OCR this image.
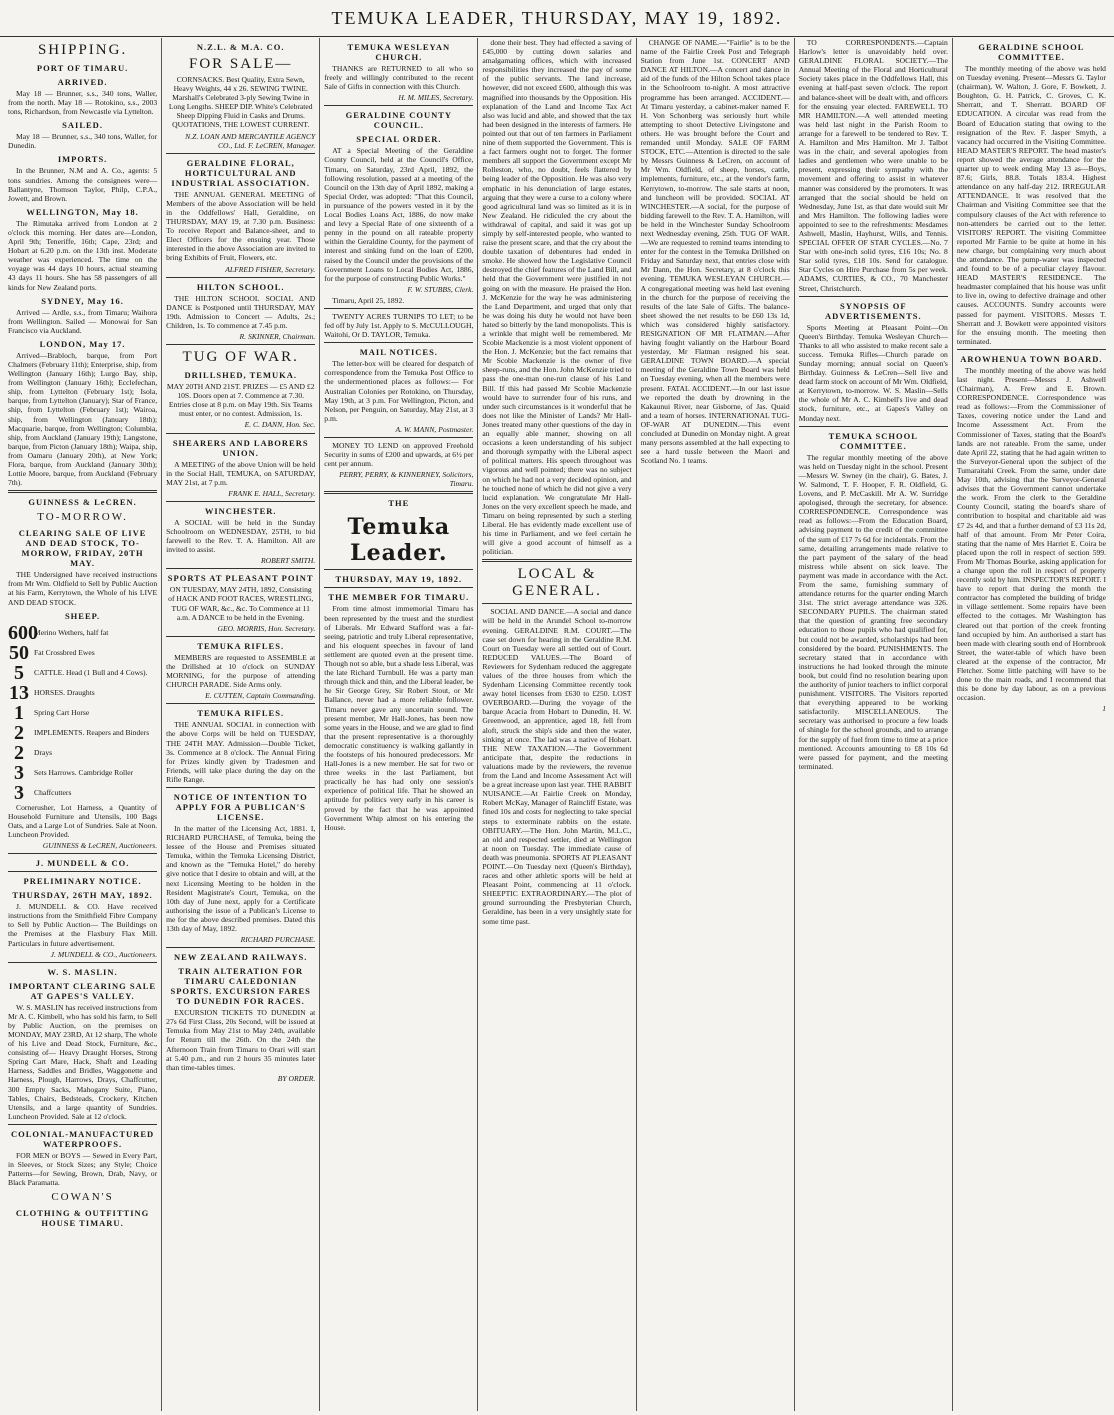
TEMUKA LEADER, THURSDAY, MAY 19, 1892.
SHIPPING.
PORT OF TIMARU.
ARRIVED.

May 18 — Brunner, s.s., 340 tons, Waller, from the north. May 18 — Rotokino, s.s., 2003 tons, Richardson, from Newcastle via Lyttelton.

SAILED.

May 18 — Brunner, s.s., 340 tons, Waller, for Dunedin.

IMPORTS.

In the Brunner, N.M and A. Co., agents: 5 tons sundries. Among the consignees were—Ballantyne, Thomson Taylor, Philp, C.P.A., Jowett, and Brown.

WELLINGTON, May 18.

The Rimutaka arrived from London at 2 o'clock this morning. Her dates are—London, April 9th; Teneriffe, 16th; Cape, 23rd; and Hobart at 6.20 p.m. on the 13th inst. Moderate weather was experienced. The time on the voyage was 44 days 10 hours, actual steaming 43 days 11 hours. She has 58 passengers of all kinds for New Zealand ports.

SYDNEY, May 16.

Arrived — Ardle, s.s., from Timaru; Waihora from Wellington. Sailed — Monowai for San Francisco via Auckland.

LONDON, May 17.

Arrived—Brabloch, barque, from Port Chalmers (February 11th); Enterprise, ship, from Wellington (January 16th); Lurgo Bay, ship, from Wellington (January 16th); Ecclefechan, ship, from Lyttelton (February 1st); Isola, barque, from Lyttelton (January); Star of France, ship, from Lyttelton (February 1st); Wairoa, ship, from Wellington (January 18th); Macquarie, barque, from Wellington; Columbia, ship, from Auckland (January 19th); Langstone, barque, from Picton (January 18th); Waipa, ship, from Oamaru (January 20th), at New York; Flora, barque, from Auckland (January 30th); Lottie Moore, barque, from Auckland (February 7th).

GUINNESS & LeCREN.
TO-MORROW.
CLEARING SALE OF LIVE AND DEAD STOCK, TO-MORROW, FRIDAY, 20TH MAY.

THE Undersigned have received instructions from Mr Wm. Oldfield to Sell by Public Auction at his Farm, Kerrytown, the Whole of his LIVE AND DEAD STOCK.

SHEEP.
600
Merino Wethers, half fat
50 Fat Crossbred Ewes
5	CATTLE. Head (1 Bull and 4 Cows).
13 HORSES. Draughts
1	Spring Cart Horse
2	IMPLEMENTS. Reapers and Binders
2	Drays
3	Sets Harrows. Cambridge Roller
3	Chaffcutters

Cornerusher, Lot Harness, a Quantity of Household Furniture and Utensils, 100 Bags Oats, and a Large Lot of Sundries. Sale at Noon. Luncheon Provided.

GUINNESS & LeCREN, Auctioneers.

J. MUNDELL & CO.
PRELIMINARY NOTICE.
THURSDAY, 26TH MAY, 1892.

J. MUNDELL & CO. Have received instructions from the Smithfield Fibre Company to Sell by Public Auction— The Buildings on the Premises at the Flaxbury Flax Mill. Particulars in future advertisement.

J. MUNDELL & CO., Auctioneers.

W. S. MASLIN.
IMPORTANT CLEARING SALE AT GAPES'S VALLEY.

W. S. MASLIN has received instructions from Mr A. C. Kimbell, who has sold his farm, to Sell by Public Auction, on the premises on MONDAY, MAY 23RD, At 12 sharp, The whole of his Live and Dead Stock, Furniture, &c., consisting of— Heavy Draught Horses, Strong Spring Cart Mare, Hack, Shaft and Leading Harness, Saddles and Bridles, Waggonette and Harness, Plough, Harrows, Drays, Chaffcutter, 300 Empty Sacks, Mahogany Suite, Piano, Tables, Chairs, Bedsteads, Crockery, Kitchen Utensils, and a large quantity of Sundries. Luncheon Provided. Sale at 12 o'clock.

COLONIAL-MANUFACTURED WATERPROOFS.

FOR MEN or BOYS — Sewed in Every Part, in Sleeves, or Stock Sizes; any Style; Choice Patterns—for Sewing, Brown, Drab, Navy, or Black Paramatta.

COWAN'S
CLOTHING & OUTFITTING HOUSE TIMARU.
N.Z.L. & M.A. CO.
FOR SALE—

CORNSACKS. Best Quality, Extra Sewn, Heavy Weights, 44 x 26. SEWING TWINE. Marshall's Celebrated 3-ply Sewing Twine in Long Lengths. SHEEP DIP. White's Celebrated Sheep Dipping Fluid in Casks and Drums. QUOTATIONS, THE LOWEST CURRENT.

N.Z. LOAN AND MERCANTILE AGENCY CO., Ltd. F. LeCREN, Manager.

GERALDINE FLORAL, HORTICULTURAL AND INDUSTRIAL ASSOCIATION.

THE ANNUAL GENERAL MEETING of Members of the above Association will be held in the Oddfellows' Hall, Geraldine, on THURSDAY, MAY 19, at 7.30 p.m. Business: To receive Report and Balance-sheet, and to Elect Officers for the ensuing year. Those interested in the above Association are invited to bring Exhibits of Fruit, Flowers, etc.

ALFRED FISHER, Secretary.

HILTON SCHOOL.

THE HILTON SCHOOL SOCIAL AND DANCE is Postponed until THURSDAY, MAY 19th. Admission to Concert — Adults, 2s.; Children, 1s. To commence at 7.45 p.m.

R. SKINNER, Chairman.

TUG OF WAR.
DRILLSHED, TEMUKA.

MAY 20TH AND 21ST. PRIZES — £5 AND £2 10S. Doors open at 7. Commence at 7.30. Entries close at 8 p.m. on May 19th. Six Teams must enter, or no contest. Admission, 1s.

E. C. DANN, Hon. Sec.

SHEARERS AND LABORERS UNION.

A MEETING of the above Union will be held in the Social Hall, TEMUKA, on SATURDAY, MAY 21st, at 7 p.m.

FRANK E. HALL, Secretary.

WINCHESTER.

A SOCIAL will be held in the Sunday Schoolroom on WEDNESDAY, 25TH, to bid farewell to the Rev. T. A. Hamilton. All are invited to assist.

ROBERT SMITH.

SPORTS AT PLEASANT POINT

ON TUESDAY, MAY 24TH, 1892, Consisting of HACK AND FOOT RACES, WRESTLING, TUG OF WAR, &c., &c. To Commence at 11 a.m. A DANCE to be held in the Evening.

GEO. MORRIS, Hon. Secretary.

TEMUKA RIFLES.

MEMBERS are requested to ASSEMBLE at the Drillshed at 10 o'clock on SUNDAY MORNING, for the purpose of attending CHURCH PARADE. Side Arms only.

E. CUTTEN, Captain Commanding.

TEMUKA RIFLES.

THE ANNUAL SOCIAL in connection with the above Corps will be held on TUESDAY, THE 24TH MAY. Admission—Double Ticket, 3s. Commence at 8 o'clock. The Annual Firing for Prizes kindly given by Tradesmen and Friends, will take place during the day on the Rifle Range.

NOTICE OF INTENTION TO APPLY FOR A PUBLICAN'S LICENSE.

In the matter of the Licensing Act, 1881. I, RICHARD PURCHASE, of Temuka, being the lessee of the House and Premises situated Temuka, within the Temuka Licensing District, and known as the "Temuka Hotel," do hereby give notice that I desire to obtain and will, at the next Licensing Meeting to be holden in the Resident Magistrate's Court, Temuka, on the 10th day of June next, apply for a Certificate authorising the issue of a Publican's License to me for the above described premises. Dated this 13th day of May, 1892.

RICHARD PURCHASE.

NEW ZEALAND RAILWAYS.
TRAIN ALTERATION FOR TIMARU CALEDONIAN SPORTS. EXCURSION FARES TO DUNEDIN FOR RACES.

EXCURSION TICKETS TO DUNEDIN at 27s 6d First Class, 20s Second, will be issued at Temuka from May 21st to May 24th, available for Return till the 26th. On the 24th the Afternoon Train from Timaru to Orari will start at 5.40 p.m., and run 2 hours 35 minutes later than time-tables times.

BY ORDER.

TEMUKA WESLEYAN CHURCH.

THANKS are RETURNED to all who so freely and willingly contributed to the recent Sale of Gifts in connection with this Church.

H. M. MILES, Secretary.

GERALDINE COUNTY COUNCIL.
SPECIAL ORDER.

AT a Special Meeting of the Geraldine County Council, held at the Council's Office, Timaru, on Saturday, 23rd April, 1892, the following resolution, passed at a meeting of the Council on the 13th day of April 1892, making a Special Order, was adopted: "That this Council, in pursuance of the powers vested in it by the Local Bodies Loans Act, 1886, do now make and levy a Special Rate of one sixteenth of a penny in the pound on all rateable property within the Geraldine County, for the payment of interest and sinking fund on the loan of £200, raised by the Council under the provisions of the Government Loans to Local Bodies Act, 1886, for the purpose of constructing Public Works."

F. W. STUBBS, Clerk.

Timaru, April 25, 1892.

TWENTY ACRES TURNIPS TO LET; to be fed off by July 1st. Apply to S. McCULLOUGH, Waitohi, Or D. TAYLOR, Temuka.

MAIL NOTICES.

The letter-box will be cleared for despatch of correspondence from the Temuka Post Office to the undermentioned places as follows:— For Australian Colonies per Rotokino, on Thursday, May 19th, at 3 p.m. For Wellington, Picton, and Nelson, per Penguin, on Saturday, May 21st, at 3 p.m.

A. W. MANN, Postmaster.

MONEY TO LEND on approved Freehold Security in sums of £200 and upwards, at 6½ per cent per annum.

PERRY, PERRY, & KINNERNEY, Solicitors, Timaru.

THE
Temuka Leader.
THURSDAY, MAY 19, 1892.
THE MEMBER FOR TIMARU.

From time almost immemorial Timaru has been represented by the truest and the sturdiest of Liberals. Mr Edward Stafford was a far-seeing, patriotic and truly Liberal representative, and his eloquent speeches in favour of land settlement are quoted even at the present time. Though not so able, but a shade less Liberal, was the late Richard Turnbull. He was a party man through thick and thin, and the Liberal leader, be he Sir George Grey, Sir Robert Stout, or Mr Ballance, never had a more reliable follower. Timaru never gave any uncertain sound. The present member, Mr Hall-Jones, has been now some years in the House, and we are glad to find that the present representative is a thoroughly democratic constituency is walking gallantly in the footsteps of his honoured predecessors. Mr Hall-Jones is a new member. He sat for two or three weeks in the last Parliament, but practically he has had only one session's experience of political life. That he showed an aptitude for politics very early in his career is proved by the fact that he was appointed Government Whip almost on his entering the House.

done their best. They had effected a saving of £45,000 by cutting down salaries and amalgamating offices, which with increased responsibilities they increased the pay of some of the public servants. The land increase, however, did not exceed £600, although this was magnified into thousands by the Opposition. His explanation of the Land and Income Tax Act also was lucid and able, and showed that the tax had been designed in the interests of farmers. He pointed out that out of ten farmers in Parliament nine of them supported the Government. This is a fact farmers ought not to forget. The former members all support the Government except Mr Rolleston, who, no doubt, feels flattered by being leader of the Opposition. He was also very emphatic in his denunciation of large estates, arguing that they were a curse to a colony where good agricultural land was so limited as it is in New Zealand. He ridiculed the cry about the withdrawal of capital, and said it was got up simply by self-interested people, who wanted to raise the present scare, and that the cry about the double taxation of debentures had ended in smoke. He showed how the Legislative Council destroyed the chief features of the Land Bill, and held that the Government were justified in not going on with the measure. He praised the Hon. J. McKenzie for the way he was administering the Land Department, and urged that only that he was doing his duty he would not have been hated so bitterly by the land monopolists. This is a wrinkle that might well be remembered. Mr Scobie Mackenzie is a most violent opponent of the Hon. J. McKenzie; but the fact remains that Mr Scobie Mackenzie is the owner of five sheep-runs, and the Hon. John McKenzie tried to pass the one-man one-run clause of his Land Bill. If this had passed Mr Scobie Mackenzie would have to surrender four of his runs, and under such circumstances is it wonderful that he does not like the Minister of Lands? Mr Hall-Jones treated many other questions of the day in an equally able manner, showing on all occasions a keen understanding of his subject and thorough sympathy with the Liberal aspect of political matters. His speech throughout was vigorous and well pointed; there was no subject on which he had not a very decided opinion, and he touched none of which he did not give a very lucid explanation. We congratulate Mr Hall-Jones on the very excellent speech he made, and Timaru on being represented by such a sterling Liberal. He has evidently made excellent use of his time in Parliament, and we feel certain he will give a good account of himself as a politician.

LOCAL & GENERAL.

SOCIAL AND DANCE.—A social and dance will be held in the Arundel School to-morrow evening. GERALDINE R.M. COURT.—The case set down for hearing in the Geraldine R.M. Court on Tuesday were all settled out of Court. REDUCED VALUES.—The Board of Reviewers for Sydenham reduced the aggregate values of the three houses from which the Sydenham Licensing Committee recently took away hotel licenses from £630 to £250. LOST OVERBOARD.—During the voyage of the barque Acacia from Hobart to Dunedin, H. W. Greenwood, an apprentice, aged 18, fell from aloft, struck the ship's side and then the water, sinking at once. The lad was a native of Hobart. THE NEW TAXATION.—The Government anticipate that, despite the reductions in valuations made by the reviewers, the revenue from the Land and Income Assessment Act will be a great increase upon last year. THE RABBIT NUISANCE.—At Fairlie Creek on Monday, Robert McKay, Manager of Raincliff Estate, was fined 10s and costs for neglecting to take special steps to exterminate rabbits on the estate. OBITUARY.—The Hon. John Martin, M.L.C., an old and respected settler, died at Wellington at noon on Tuesday. The immediate cause of death was pneumonia. SPORTS AT PLEASANT POINT.—On Tuesday next (Queen's Birthday), races and other athletic sports will be held at Pleasant Point, commencing at 11 o'clock. SHEEPTIC EXTRAORDINARY.—The plot of ground surrounding the Presbyterian Church, Geraldine, has been in a very unsightly state for some time past.

CHANGE OF NAME.—"Fairlie" is to be the name of the Fairlie Creek Post and Telegraph Station from June 1st. CONCERT AND DANCE AT HILTON.—A concert and dance in aid of the funds of the Hilton School takes place in the Schoolroom to-night. A most attractive programme has been arranged. ACCIDENT.—At Timaru yesterday, a cabinet-maker named F. H. Von Schonberg was seriously hurt while attempting to shoot Detective Livingstone and others. He was brought before the Court and remanded until Monday. SALE OF FARM STOCK, ETC.—Attention is directed to the sale by Messrs Guinness & LeCren, on account of Mr Wm. Oldfield, of sheep, horses, cattle, implements, furniture, etc., at the vendor's farm, Kerrytown, to-morrow. The sale starts at noon, and luncheon will be provided. SOCIAL AT WINCHESTER.—A social, for the purpose of bidding farewell to the Rev. T. A. Hamilton, will be held in the Winchester Sunday Schoolroom next Wednesday evening, 25th. TUG OF WAR.—We are requested to remind teams intending to enter for the contest in the Temuka Drillshed on Friday and Saturday next, that entries close with Mr Dann, the Hon. Secretary, at 8 o'clock this evening. TEMUKA WESLEYAN CHURCH.—A congregational meeting was held last evening in the church for the purpose of receiving the results of the late Sale of Gifts. The balance-sheet showed the net results to be £60 13s 1d, which was considered highly satisfactory. RESIGNATION OF MR FLATMAN.—After having fought valiantly on the Harbour Board yesterday, Mr Flatman resigned his seat. GERALDINE TOWN BOARD.—A special meeting of the Geraldine Town Board was held on Tuesday evening, when all the members were present. FATAL ACCIDENT.—In our last issue we reported the death by drowning in the Kakaunui River, near Gisborne, of Jas. Quaid and a team of horses. INTERNATIONAL TUG-OF-WAR AT DUNEDIN.—This event concluded at Dunedin on Monday night. A great many persons assembled at the hall expecting to see a hard tussle between the Maori and Scotland No. 1 teams.

TO CORRESPONDENTS.—Captain Harlow's letter is unavoidably held over. GERALDINE FLORAL SOCIETY.—The Annual Meeting of the Floral and Horticultural Society takes place in the Oddfellows Hall, this evening at half-past seven o'clock. The report and balance-sheet will be dealt with, and officers for the ensuing year elected. FAREWELL TO MR HAMILTON.—A well attended meeting was held last night in the Parish Room to arrange for a farewell to be tendered to Rev. T. A. Hamilton and Mrs Hamilton. Mr J. Talbot was in the chair, and several apologies from ladies and gentlemen who were unable to be present, expressing their sympathy with the movement and offering to assist in whatever manner was considered by the promoters. It was arranged that the social should be held on Wednesday, June 1st, as that date would suit Mr and Mrs Hamilton. The following ladies were appointed to see to the refreshments: Mesdames Ashwell, Maslin, Hayhurst, Wills, and Tennis. SPECIAL OFFER OF STAR CYCLES.—No. 7 Star with one-inch solid tyres, £16 10s; No. 8 Star solid tyres, £18 10s. Send for catalogue. Star Cycles on Hire Purchase from 5s per week. ADAMS, CURTIES, & CO., 70 Manchester Street, Christchurch.

SYNOPSIS OF ADVERTISEMENTS.

Sports Meeting at Pleasant Point—On Queen's Birthday. Temuka Wesleyan Church—Thanks to all who assisted to make recent sale a success. Temuka Rifles—Church parade on Sunday morning; annual social on Queen's Birthday. Guinness & LeCren—Sell live and dead farm stock on account of Mr Wm. Oldfield, at Kerrytown, to-morrow. W. S. Maslin—Sells the whole of Mr A. C. Kimbell's live and dead stock, furniture, etc., at Gapes's Valley on Monday next.

TEMUKA SCHOOL COMMITTEE.

The regular monthly meeting of the above was held on Tuesday night in the school. Present—Messrs W. Swney (in the chair), G. Bates, J. W. Salmond, T. F. Hooper, F. R. Oldfield, G. Lovens, and P. McCaskill. Mr A. W. Surridge apologised, through the secretary, for absence. CORRESPONDENCE. Correspondence was read as follows:—From the Education Board, advising payment to the credit of the committee of the sum of £17 7s 6d for incidentals. From the same, detailing arrangements made relative to the part payment of the salary of the head mistress while absent on sick leave. The payment was made in accordance with the Act. From the same, furnishing summary of attendance returns for the quarter ending March 31st. The strict average attendance was 326. SECONDARY PUPILS. The chairman stated that the question of granting free secondary education to those pupils who had qualified for, but could not be awarded, scholarships had been considered by the board. PUNISHMENTS. The secretary stated that in accordance with instructions he had looked through the minute book, but could find no resolution bearing upon the authority of junior teachers to inflict corporal punishment. VISITORS. The Visitors reported that everything appeared to be working satisfactorily. MISCELLANEOUS. The secretary was authorised to procure a few loads of shingle for the school grounds, and to arrange for the supply of fuel from time to time at a price mentioned. Accounts amounting to £8 10s 6d were passed for payment, and the meeting terminated.

GERALDINE SCHOOL COMMITTEE.

The monthly meeting of the above was held on Tuesday evening. Present—Messrs G. Taylor (chairman), W. Walton, J. Gore, F. Bowkett, J. Boughton, G. H. Patrick, C. Groves, C. K. Sherratt, and T. Sherratt. BOARD OF EDUCATION. A circular was read from the Board of Education stating that owing to the resignation of the Rev. F. Jasper Smyth, a vacancy had occurred in the Visiting Committee. HEAD MASTER'S REPORT. The head master's report showed the average attendance for the quarter up to week ending May 13 as—Boys, 87.6; Girls, 88.8. Totals 183.4. Highest attendance on any half-day 212. IRREGULAR ATTENDANCE. It was resolved that the Chairman and Visiting Committee see that the compulsory clauses of the Act with reference to non-attenders be carried out to the letter. VISITORS' REPORT. The visiting Committee reported Mr Farnie to be quite at home in his new charge, but complaining very much about the attendance. The pump-water was inspected and found to be of a peculiar clayey flavour. HEAD MASTER'S RESIDENCE. The headmaster complained that his house was unfit to live in, owing to defective drainage and other causes. ACCOUNTS. Sundry accounts were passed for payment. VISITORS. Messrs T. Sherratt and J. Bowkett were appointed visitors for the ensuing month. The meeting then terminated.

AROWHENUA TOWN BOARD.

The monthly meeting of the above was held last night. Present—Messrs J. Ashwell (Chairman), A. Frew and E. Brown. CORRESPONDENCE. Correspondence was read as follows:—From the Commissioner of Taxes, covering notice under the Land and Income Assessment Act. From the Commissioner of Taxes, stating that the Board's lands are not rateable. From the same, under date April 22, stating that he had again written to the Surveyor-General upon the subject of the Tumaraitahi Creek. From the same, under date May 10th, advising that the Surveyor-General advises that the Government cannot undertake the work. From the clerk to the Geraldine County Council, stating the board's share of contribution to hospital and charitable aid was £7 2s 4d, and that a further demand of £3 11s 2d, half of that amount. From Mr Peter Coira, stating that the name of Mrs Harriet E. Coira be placed upon the roll in respect of section 599. From Mr Thomas Bourke, asking application for a change upon the roll in respect of property recently sold by him. INSPECTOR'S REPORT. I have to report that during the month the contractor has completed the building of bridge in village settlement. Some repairs have been effected to the cottages. Mr Washington has cleared out that portion of the creek fronting land occupied by him. An authorised a start has been made with clearing south end of Hornbrook Street, the water-table of which have been cleared at the expense of the contractor, Mr Fletcher. Some little patching will have to be done to the main roads, and I recommend that this be done by day labour, as on a previous occasion.

1
